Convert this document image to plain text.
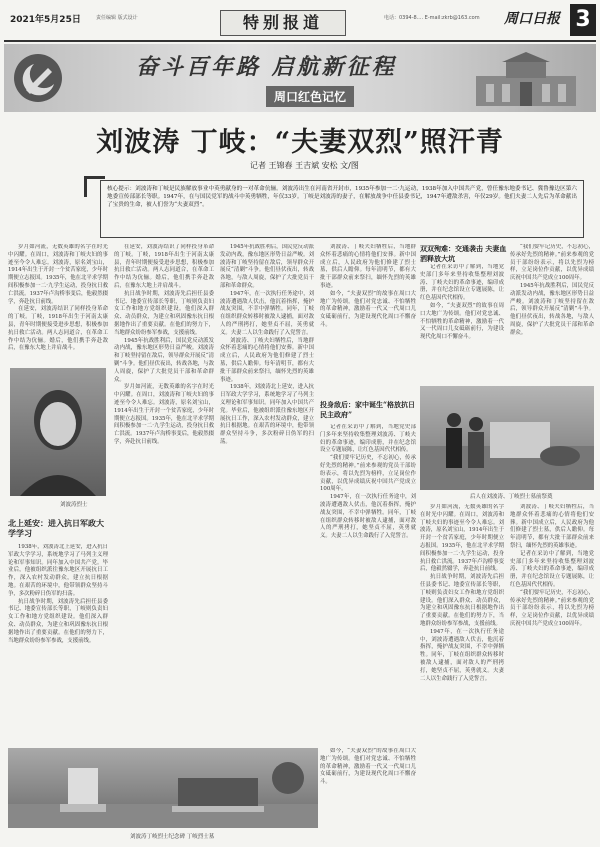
2021年5月25日	责任编辑 版式设计	特别报道	电话：0394-8.... E-mail:zkrb@163.com 周口日报 3
奋斗百年路 启航新征程
周口红色记忆
刘波涛 丁岐：“夫妻双烈”照汗青
记者 王锦春 王吉斌 安松 文/图
核心提示：刘波涛和丁岐是民族解放事业中英勇献身的一对革命伉俪。刘波涛出生在河南省开封市，1935年参加一二·九运动，1938年加入中国共产党，曾任豫东地委书记、冀鲁豫边区第六地委宣传部部长等职。1947年，在与国民党军的战斗中英勇牺牲，年仅33岁。丁岐是刘波涛的妻子，在解放战争中任县委书记，1947年遭敌杀害，年仅29岁。他们夫妻二人先后为革命献出了宝贵的生命，被人们誉为“夫妻双烈”。

岁月如河流，无数英雄的名字在时光中闪耀。在周口，刘波涛和丁岐夫妇的事迹至今令人难忘。刘波涛，原名刘宝山，1914年出生于开封一个贫苦家庭，少年时期便立志报国。1935年，他在北平求学期间积极参加一二·九学生运动，投身抗日救亡洪流。1937年卢沟桥事变后，他毅然辍学，奔赴抗日前线。

在延安，刘波涛结识了同样投身革命的丁岐。丁岐，1918年出生于河南太康县，青年时期便接受进步思想，积极参加抗日救亡活动。两人志同道合，在革命工作中结为伉俪。婚后，他们携手奔赴敌后，在豫东大地上并肩战斗。

刘波涛烈士
北上延安：进入抗日军政大学学习

1938年，刘波涛北上延安，进入抗日军政大学学习，系统地学习了马列主义理论和军事知识。同年加入中国共产党。毕业后，他被组织派往豫东地区开展抗日工作，深入农村发动群众，建立抗日根据地。在艰苦的环境中，他带领群众坚持斗争，多次粉碎日伪军的扫荡。

抗日战争时期，刘波涛先后担任县委书记、地委宣传部长等职，丁岐则负责妇女工作和地方党组织建设。他们深入群众、动员群众，为建立和巩固豫东抗日根据地作出了重要贡献。在他们的努力下，当地群众纷纷参军参战，支援前线。

在延安，刘波涛结识了同样投身革命的丁岐。丁岐，1918年出生于河南太康县，青年时期便接受进步思想，积极参加抗日救亡活动。两人志同道合，在革命工作中结为伉俪。婚后，他们携手奔赴敌后，在豫东大地上并肩战斗。

抗日战争时期，刘波涛先后担任县委书记、地委宣传部长等职，丁岐则负责妇女工作和地方党组织建设。他们深入群众、动员群众，为建立和巩固豫东抗日根据地作出了重要贡献。在他们的努力下，当地群众纷纷参军参战，支援前线。

1945年抗战胜利后，国民党反动派发动内战，豫东地区形势日益严峻。刘波涛和丁岐坚持留在敌后，领导群众开展反“清剿”斗争。他们昼伏夜出，转战各地，与敌人周旋，保护了大批党员干部和革命群众。

岁月如河流，无数英雄的名字在时光中闪耀。在周口，刘波涛和丁岐夫妇的事迹至今令人难忘。刘波涛，原名刘宝山，1914年出生于开封一个贫苦家庭，少年时期便立志报国。1935年，他在北平求学期间积极参加一二·九学生运动，投身抗日救亡洪流。1937年卢沟桥事变后，他毅然辍学，奔赴抗日前线。

1945年抗战胜利后，国民党反动派发动内战，豫东地区形势日益严峻。刘波涛和丁岐坚持留在敌后，领导群众开展反“清剿”斗争。他们昼伏夜出，转战各地，与敌人周旋，保护了大批党员干部和革命群众。

1947年，在一次执行任务途中，刘波涛遭遇敌人伏击，他沉着指挥，掩护战友突围，不幸中弹牺牲。同年，丁岐在组织群众转移时被敌人逮捕，面对敌人的严刑拷打，她坚贞不屈，英勇就义。夫妻二人以生命践行了入党誓言。

刘波涛、丁岐夫妇牺牲后，当地群众怀着悲痛的心情将他们安葬。新中国成立后，人民政府为他们修建了烈士墓，供后人瞻仰。每年清明节，都有大批干部群众前来祭扫，缅怀先烈的英雄事迹。

1938年，刘波涛北上延安，进入抗日军政大学学习，系统地学习了马列主义理论和军事知识。同年加入中国共产党。毕业后，他被组织派往豫东地区开展抗日工作，深入农村发动群众，建立抗日根据地。在艰苦的环境中，他带领群众坚持斗争，多次粉碎日伪军的扫荡。

刘波涛、丁岐夫妇牺牲后，当地群众怀着悲痛的心情将他们安葬。新中国成立后，人民政府为他们修建了烈士墓，供后人瞻仰。每年清明节，都有大批干部群众前来祭扫，缅怀先烈的英雄事迹。

如今，“夫妻双烈”的故事在周口大地广为传颂。他们对党忠诚、不怕牺牲的革命精神，激励着一代又一代周口儿女砥砺前行，为建设现代化周口不懈奋斗。

投身敌后：家中诞生“格放抗日民主政府”

记者在采访中了解到，当地党史部门多年来坚持收集整理刘波涛、丁岐夫妇的革命事迹，编印成册，并在纪念馆设立专题展陈，让红色基因代代相传。

“我们要牢记历史，不忘初心，传承好先烈的精神。”前来参观的党员干部纷纷表示，将以先烈为榜样，立足岗位作贡献，以优异成绩庆祝中国共产党成立100周年。

1947年，在一次执行任务途中，刘波涛遭遇敌人伏击，他沉着指挥，掩护战友突围，不幸中弹牺牲。同年，丁岐在组织群众转移时被敌人逮捕，面对敌人的严刑拷打，她坚贞不屈，英勇就义。夫妻二人以生命践行了入党誓言。

双双殉难：交通袭击 夫妻血洒释放大坑

记者在采访中了解到，当地党史部门多年来坚持收集整理刘波涛、丁岐夫妇的革命事迹，编印成册，并在纪念馆设立专题展陈，让红色基因代代相传。

如今，“夫妻双烈”的故事在周口大地广为传颂。他们对党忠诚、不怕牺牲的革命精神，激励着一代又一代周口儿女砥砺前行，为建设现代化周口不懈奋斗。

“我们要牢记历史，不忘初心，传承好先烈的精神。”前来参观的党员干部纷纷表示，将以先烈为榜样，立足岗位作贡献，以优异成绩庆祝中国共产党成立100周年。

1945年抗战胜利后，国民党反动派发动内战，豫东地区形势日益严峻。刘波涛和丁岐坚持留在敌后，领导群众开展反“清剿”斗争。他们昼伏夜出，转战各地，与敌人周旋，保护了大批党员干部和革命群众。

后人在刘波涛、丁岐烈士墓前祭奠

岁月如河流，无数英雄的名字在时光中闪耀。在周口，刘波涛和丁岐夫妇的事迹至今令人难忘。刘波涛，原名刘宝山，1914年出生于开封一个贫苦家庭，少年时期便立志报国。1935年，他在北平求学期间积极参加一二·九学生运动，投身抗日救亡洪流。1937年卢沟桥事变后，他毅然辍学，奔赴抗日前线。

抗日战争时期，刘波涛先后担任县委书记、地委宣传部长等职，丁岐则负责妇女工作和地方党组织建设。他们深入群众、动员群众，为建立和巩固豫东抗日根据地作出了重要贡献。在他们的努力下，当地群众纷纷参军参战，支援前线。

1947年，在一次执行任务途中，刘波涛遭遇敌人伏击，他沉着指挥，掩护战友突围，不幸中弹牺牲。同年，丁岐在组织群众转移时被敌人逮捕，面对敌人的严刑拷打，她坚贞不屈，英勇就义。夫妻二人以生命践行了入党誓言。

刘波涛、丁岐夫妇牺牲后，当地群众怀着悲痛的心情将他们安葬。新中国成立后，人民政府为他们修建了烈士墓，供后人瞻仰。每年清明节，都有大批干部群众前来祭扫，缅怀先烈的英雄事迹。

记者在采访中了解到，当地党史部门多年来坚持收集整理刘波涛、丁岐夫妇的革命事迹，编印成册，并在纪念馆设立专题展陈，让红色基因代代相传。

“我们要牢记历史，不忘初心，传承好先烈的精神。”前来参观的党员干部纷纷表示，将以先烈为榜样，立足岗位作贡献，以优异成绩庆祝中国共产党成立100周年。

刘波涛丁岐烈士纪念碑 丁岐烈士墓

如今，“夫妻双烈”的故事在周口大地广为传颂。他们对党忠诚、不怕牺牲的革命精神，激励着一代又一代周口儿女砥砺前行，为建设现代化周口不懈奋斗。
